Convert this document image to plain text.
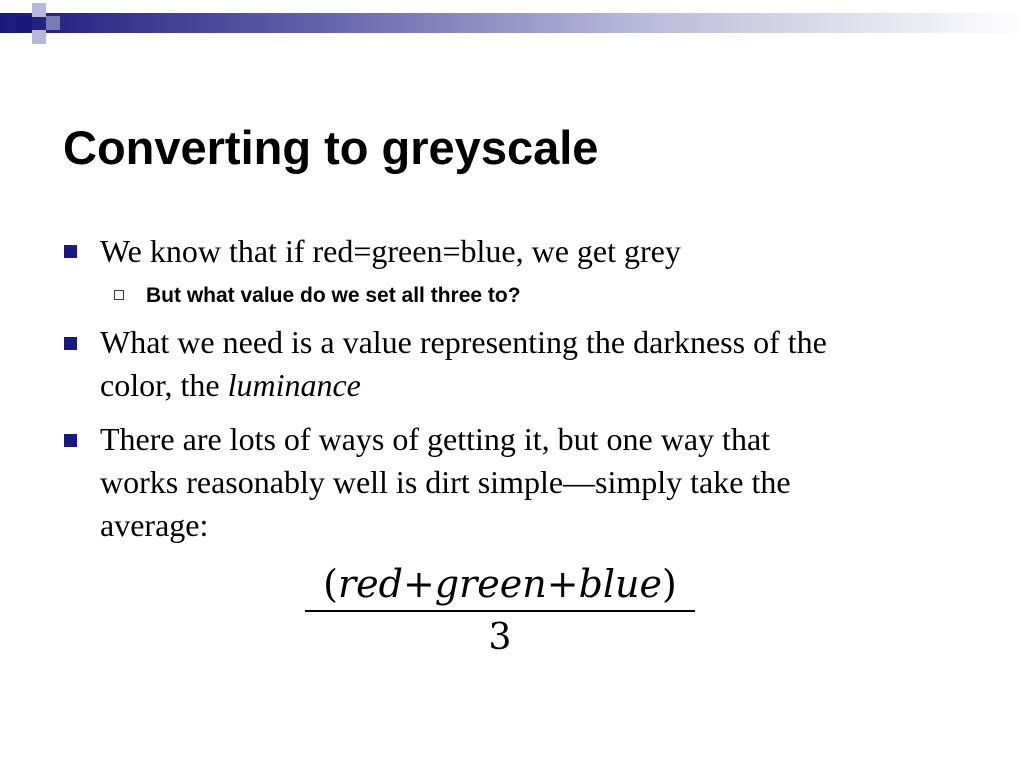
Converting to greyscale
We know that if red=green=blue, we get grey
But what value do we set all three to?
What we need is a value representing the darkness of the
color, the luminance
There are lots of ways of getting it, but one way that
works reasonably well is dirt simple—simply take the
average:
(red+green+blue)
3
